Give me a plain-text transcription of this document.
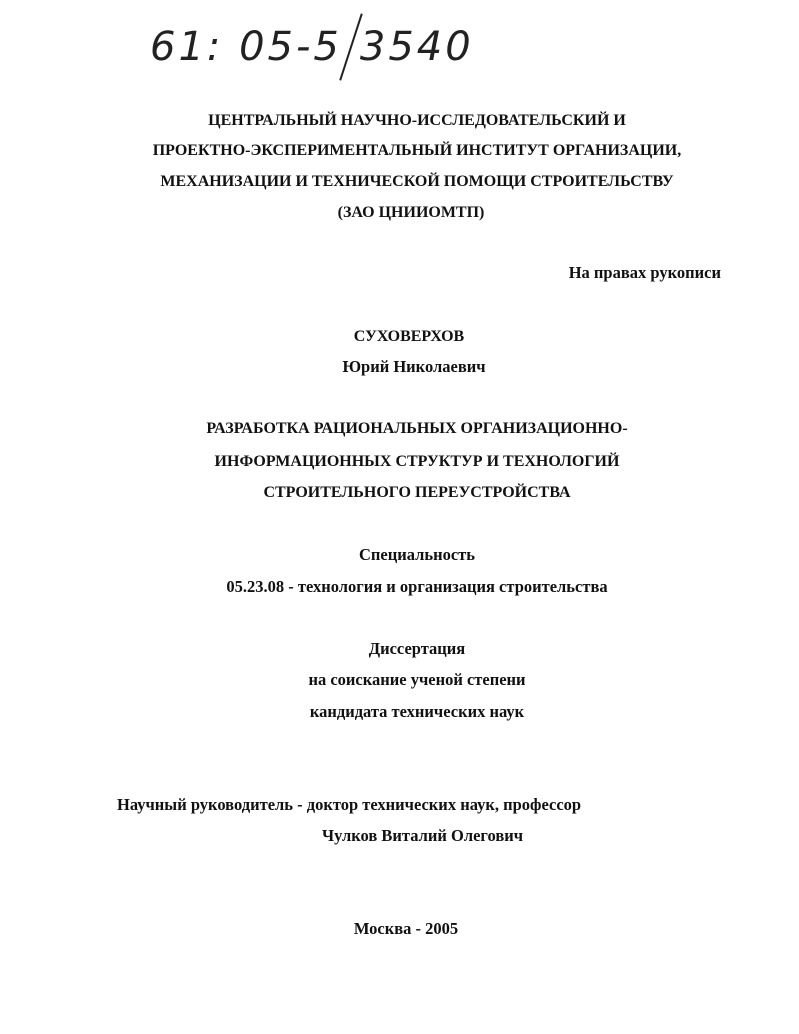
61: 05-5 3540
ЦЕНТРАЛЬНЫЙ НАУЧНО-ИССЛЕДОВАТЕЛЬСКИЙ И
ПРОЕКТНО-ЭКСПЕРИМЕНТАЛЬНЫЙ ИНСТИТУТ ОРГАНИЗАЦИИ,
МЕХАНИЗАЦИИ И ТЕХНИЧЕСКОЙ ПОМОЩИ СТРОИТЕЛЬСТВУ
(ЗАО ЦНИИОМТП)
На правах рукописи
СУХОВЕРХОВ
Юрий Николаевич
РАЗРАБОТКА РАЦИОНАЛЬНЫХ ОРГАНИЗАЦИОННО-
ИНФОРМАЦИОННЫХ СТРУКТУР И ТЕХНОЛОГИЙ
СТРОИТЕЛЬНОГО ПЕРЕУСТРОЙСТВА
Специальность
05.23.08 - технология и организация строительства
Диссертация
на соискание ученой степени
кандидата технических наук
Научный руководитель - доктор технических наук, профессор
Чулков Виталий Олегович
Москва - 2005
